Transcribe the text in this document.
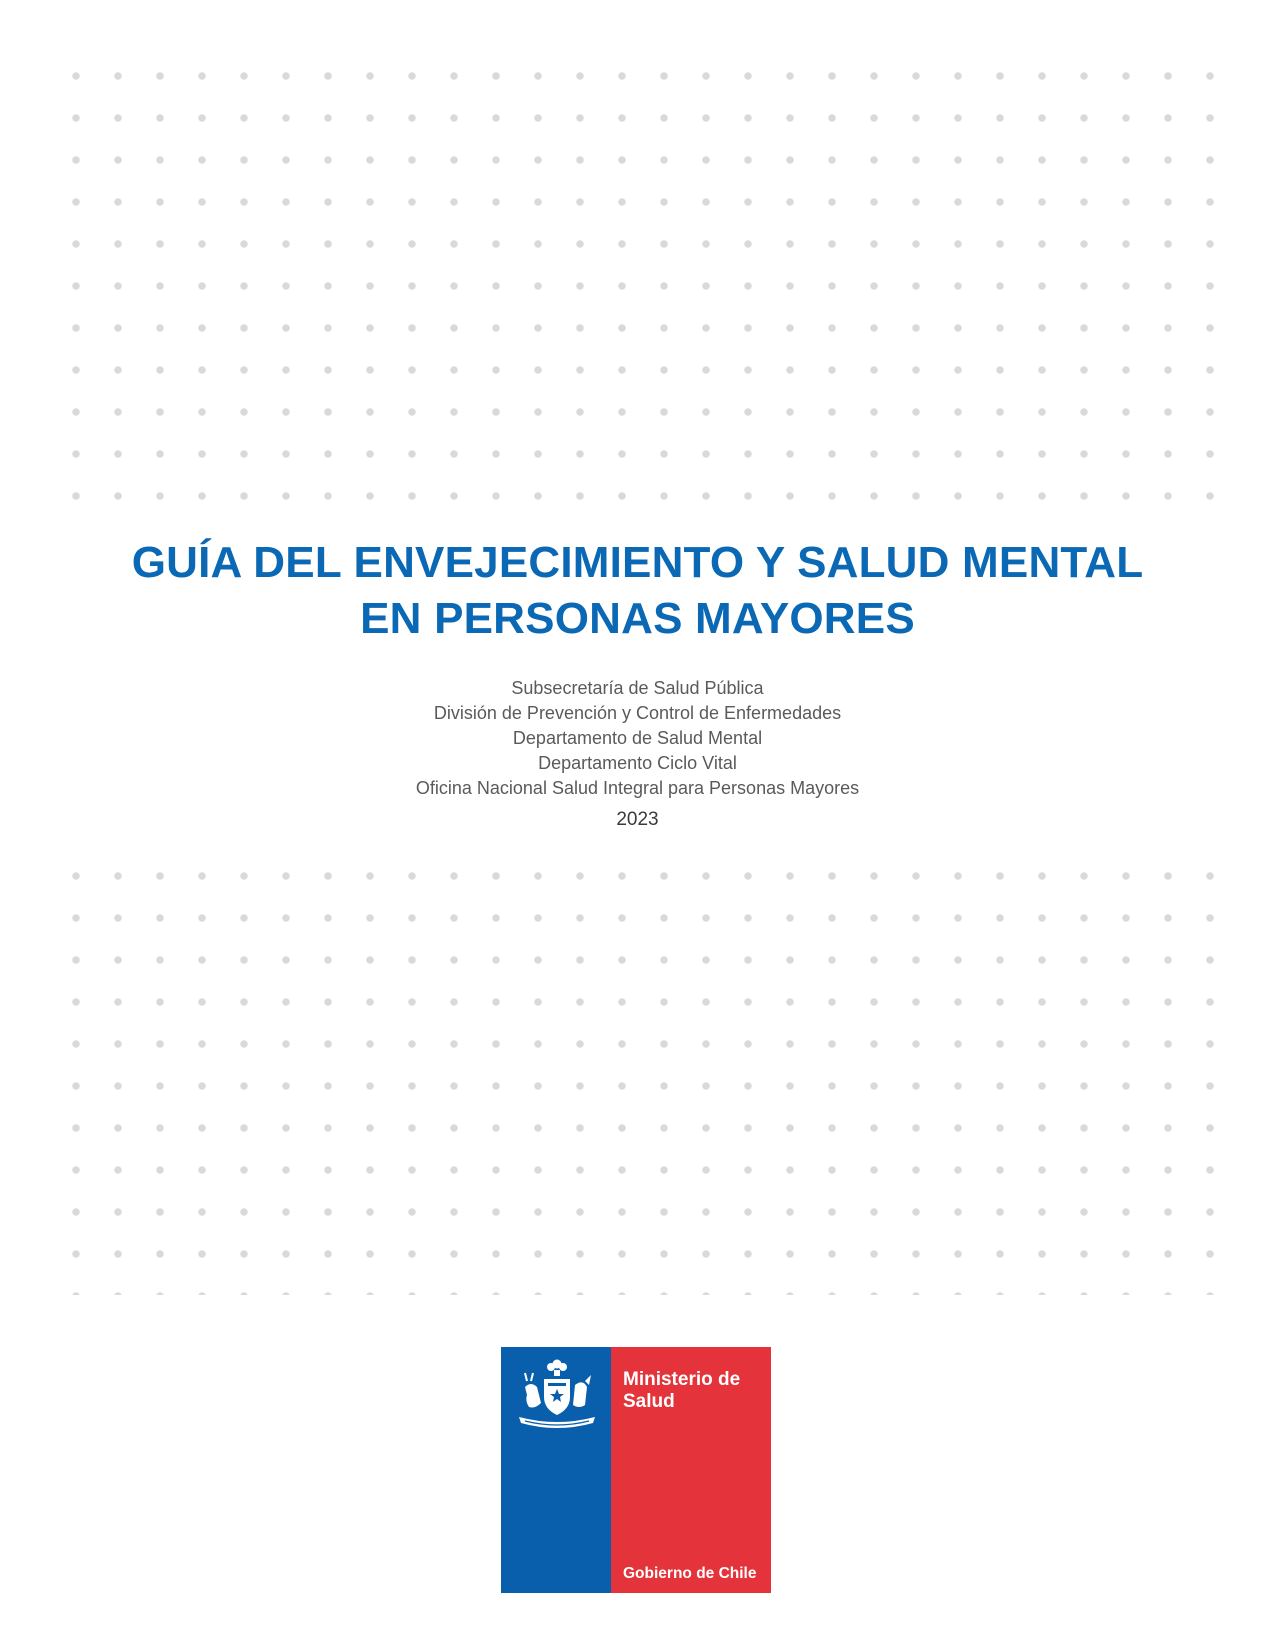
GUÍA DEL ENVEJECIMIENTO Y SALUD MENTAL
EN PERSONAS MAYORES
Subsecretaría de Salud Pública
División de Prevención y Control de Enfermedades
Departamento de Salud Mental
Departamento Ciclo Vital
Oficina Nacional Salud Integral para Personas Mayores
2023
Ministerio de
Salud
Gobierno de Chile
